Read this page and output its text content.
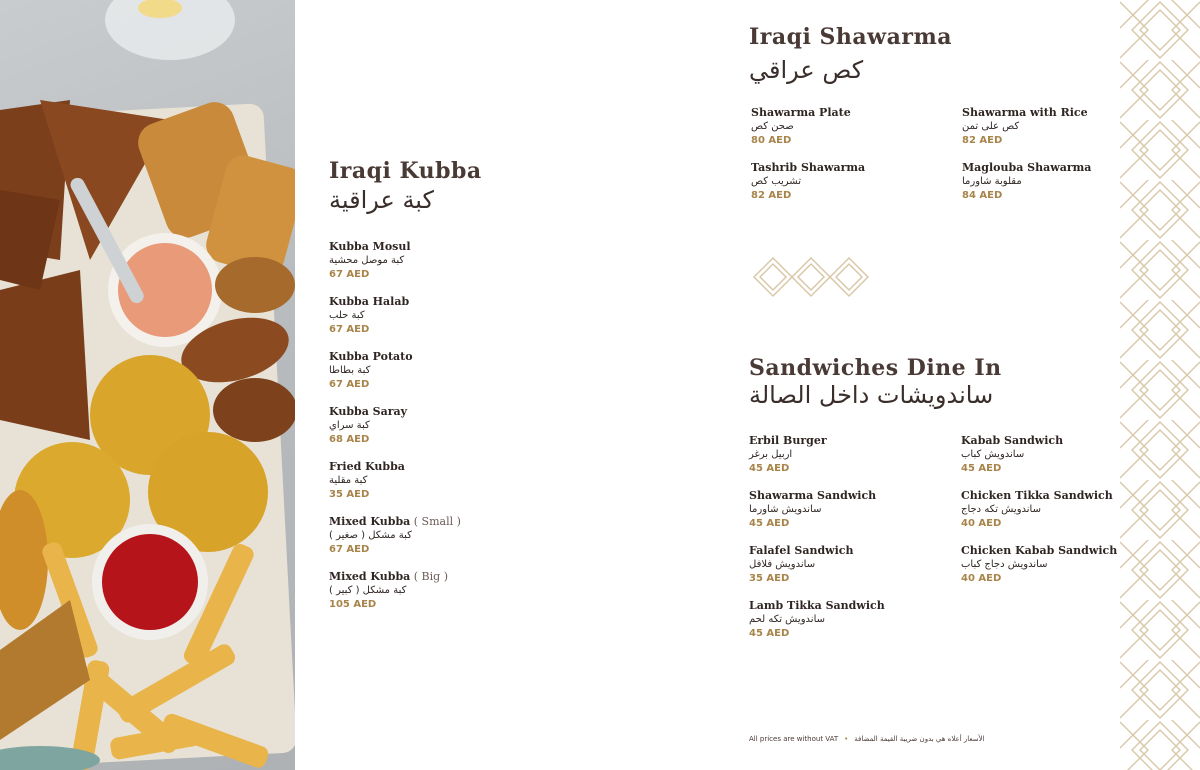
Iraqi Kubba
كبة عراقية
Kubba Mosul
كبة موصل محشية
67 AED
Kubba Halab
كبة حلب
67 AED
Kubba Potato
كبة بطاطا
67 AED
Kubba Saray
كبة سراي
68 AED
Fried Kubba
كبة مقلية
35 AED
Mixed Kubba ( Small )
كبة مشكل ( صغير )
67 AED
Mixed Kubba ( Big )
كبة مشكل ( كبير )
105 AED
Iraqi Shawarma
كص عراقي
Shawarma Plate
صحن كص
80 AED
Shawarma with Rice
كص على تمن
82 AED
Tashrib Shawarma
تشريب كص
82 AED
Maglouba Shawarma
مقلوبة شاورما
84 AED
Sandwiches Dine In
ساندويشات داخل الصالة
Erbil Burger
اربيل برغر
45 AED
Kabab Sandwich
ساندويش كباب
45 AED
Shawarma Sandwich
ساندويش شاورما
45 AED
Chicken Tikka Sandwich
ساندويش تكه دجاج
40 AED
Falafel Sandwich
ساندويش فلافل
35 AED
Chicken Kabab Sandwich
ساندويش دجاج كباب
40 AED
Lamb Tikka Sandwich
ساندويش تكه لحم
45 AED
All prices are without VAT • الأسعار أعلاه هي بدون ضريبة القيمة المضافة
